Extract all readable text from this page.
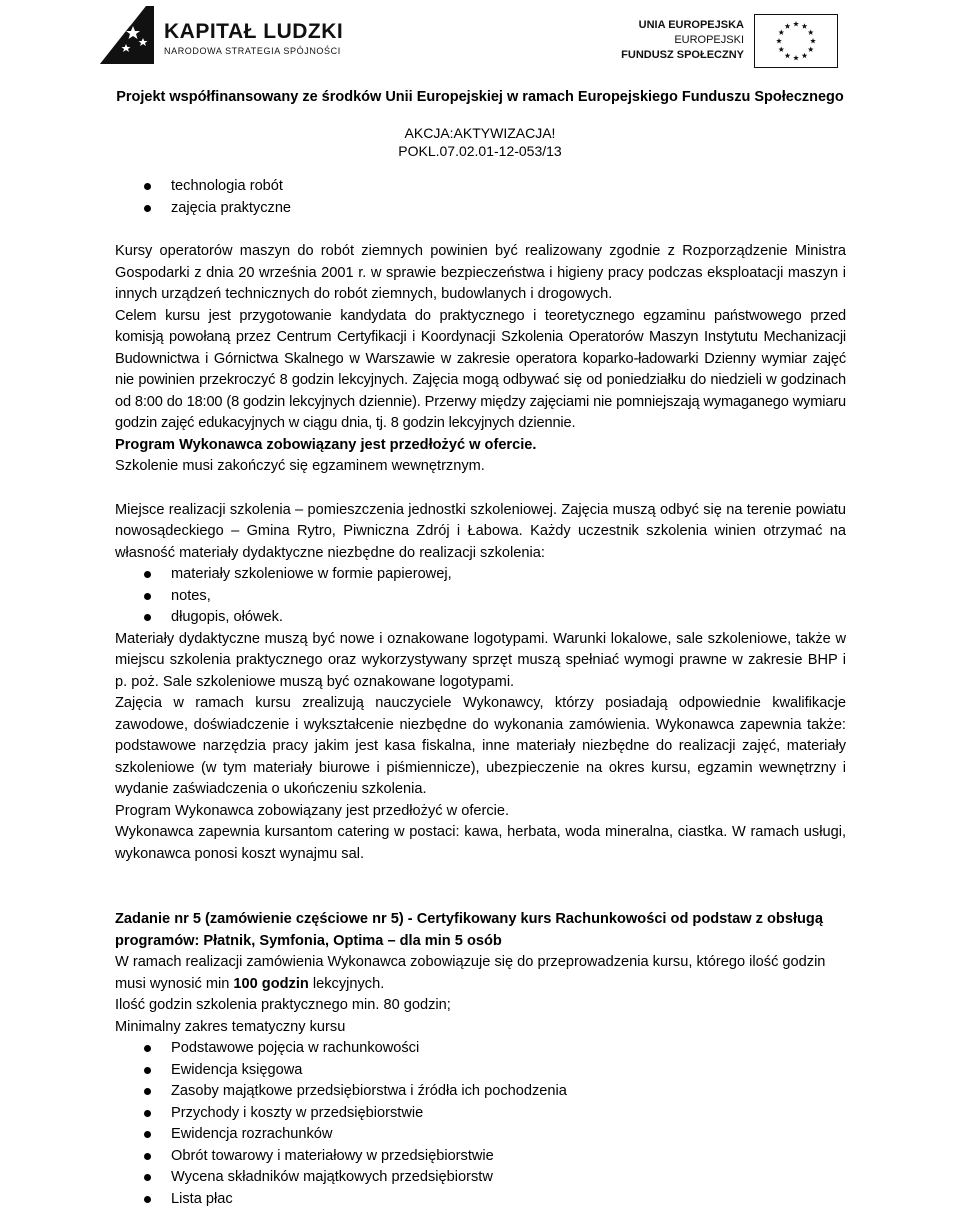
KAPITAŁ LUDZKI
NARODOWA STRATEGIA SPÓJNOŚCI
UNIA EUROPEJSKA
EUROPEJSKI
FUNDUSZ SPOŁECZNY
Projekt współfinansowany ze środków Unii Europejskiej w ramach Europejskiego Funduszu Społecznego
AKCJA:AKTYWIZACJA!
POKL.07.02.01-12-053/13
technologia robót
zajęcia praktyczne

Kursy operatorów maszyn do robót ziemnych powinien być realizowany zgodnie z Rozporządzenie Ministra Gospodarki z dnia 20 września 2001 r. w sprawie bezpieczeństwa i higieny pracy podczas eksploatacji maszyn i innych urządzeń technicznych do robót ziemnych, budowlanych i drogowych.

Celem kursu jest przygotowanie kandydata do praktycznego i teoretycznego egzaminu państwowego przed komisją powołaną przez Centrum Certyfikacji i Koordynacji Szkolenia Operatorów Maszyn Instytutu Mechanizacji Budownictwa i Górnictwa Skalnego w Warszawie w zakresie operatora koparko-ładowarki Dzienny wymiar zajęć nie powinien przekroczyć 8 godzin lekcyjnych. Zajęcia mogą odbywać się od poniedziałku do niedzieli w godzinach od 8:00 do 18:00 (8 godzin lekcyjnych dziennie). Przerwy między zajęciami nie pomniejszają wymaganego wymiaru godzin zajęć edukacyjnych w ciągu dnia, tj. 8 godzin lekcyjnych dziennie.

Program Wykonawca zobowiązany jest przedłożyć w ofercie.

Szkolenie musi zakończyć się egzaminem wewnętrznym.

Miejsce realizacji szkolenia – pomieszczenia jednostki szkoleniowej. Zajęcia muszą odbyć się na terenie powiatu nowosądeckiego – Gmina Rytro, Piwniczna Zdrój i Łabowa. Każdy uczestnik szkolenia winien otrzymać na własność materiały dydaktyczne niezbędne do realizacji szkolenia:

materiały szkoleniowe w formie papierowej,
notes,
długopis, ołówek.

Materiały dydaktyczne muszą być nowe i oznakowane logotypami. Warunki lokalowe, sale szkoleniowe, także w miejscu szkolenia praktycznego oraz wykorzystywany sprzęt muszą spełniać wymogi prawne w zakresie BHP i p. poż. Sale szkoleniowe muszą być oznakowane logotypami.

Zajęcia w ramach kursu zrealizują nauczyciele Wykonawcy, którzy posiadają odpowiednie kwalifikacje zawodowe, doświadczenie i wykształcenie niezbędne do wykonania zamówienia. Wykonawca zapewnia także: podstawowe narzędzia pracy jakim jest kasa fiskalna, inne materiały niezbędne do realizacji zajęć, materiały szkoleniowe (w tym materiały biurowe i piśmiennicze), ubezpieczenie na okres kursu, egzamin wewnętrzny i wydanie zaświadczenia o ukończeniu szkolenia.

Program Wykonawca zobowiązany jest przedłożyć w ofercie.

Wykonawca zapewnia kursantom catering w postaci: kawa, herbata, woda mineralna, ciastka. W ramach usługi, wykonawca ponosi koszt wynajmu sal.

Zadanie nr 5 (zamówienie częściowe nr 5) - Certyfikowany kurs Rachunkowości od podstaw z obsługą programów: Płatnik, Symfonia, Optima – dla min 5 osób

W ramach realizacji zamówienia Wykonawca zobowiązuje się do przeprowadzenia kursu, którego ilość godzin musi wynosić min 100 godzin lekcyjnych.

Ilość godzin szkolenia praktycznego min. 80 godzin;

Minimalny zakres tematyczny kursu

Podstawowe pojęcia w rachunkowości
Ewidencja księgowa
Zasoby majątkowe przedsiębiorstwa i źródła ich pochodzenia
Przychody i koszty w przedsiębiorstwie
Ewidencja rozrachunków
Obrót towarowy i materiałowy w przedsiębiorstwie
Wycena składników majątkowych przedsiębiorstw
Lista płac
